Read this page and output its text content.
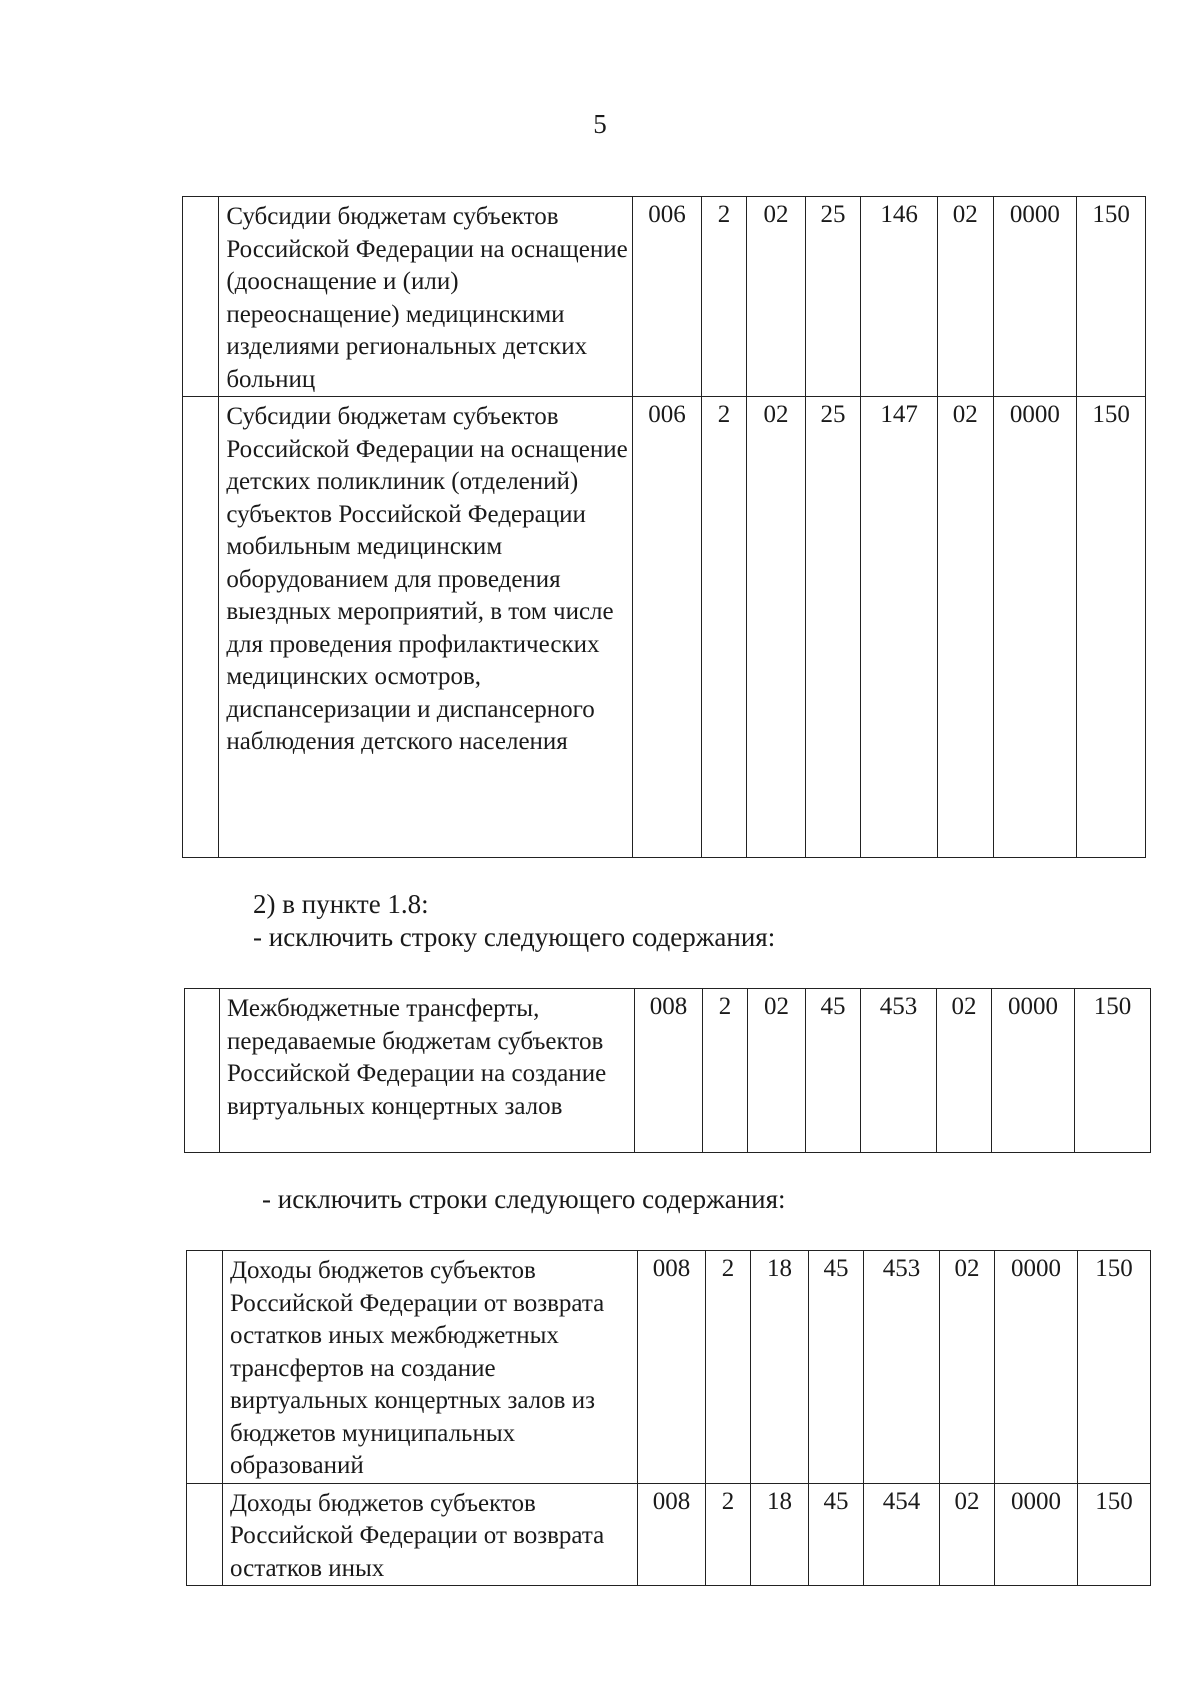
5
	Субсидии бюджетам субъектов Российской Федерации на оснащение (дооснащение и (или) переоснащение) медицинскими изделиями региональных детских больниц	006	2	02	25	146	02	0000	150
	Субсидии бюджетам субъектов Российской Федерации на оснащение детских поликлиник (отделений) субъектов Российской Федерации мобильным медицинским оборудованием для проведения выездных мероприятий, в том числе для проведения профилактических медицинских осмотров, диспансеризации и диспансерного наблюдения детского населения	006	2	02	25	147	02	0000	150
2) в пункте 1.8:
- исключить строку следующего содержания:
	Межбюджетные трансферты, передаваемые бюджетам субъектов Российской Федерации на создание виртуальных концертных залов	008	2	02	45	453	02	0000	150
- исключить строки следующего содержания:
	Доходы бюджетов субъектов Российской Федерации от возврата остатков иных межбюджетных трансфертов на создание виртуальных концертных залов из бюджетов муниципальных образований	008	2	18	45	453	02	0000	150
	Доходы бюджетов субъектов Российской Федерации от возврата остатков иных	008	2	18	45	454	02	0000	150
